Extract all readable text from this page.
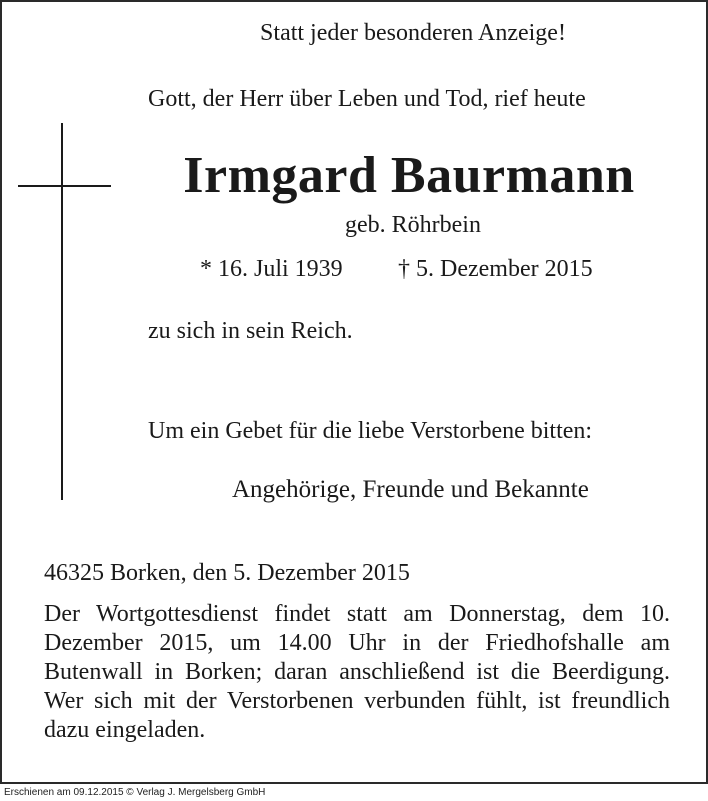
Statt jeder besonderen Anzeige!
Gott, der Herr über Leben und Tod, rief heute
Irmgard Baurmann
geb. Röhrbein
* 16. Juli 1939 † 5. Dezember 2015
zu sich in sein Reich.
Um ein Gebet für die liebe Verstorbene bitten:
Angehörige, Freunde und Bekannte
46325 Borken, den 5. Dezember 2015
Der Wortgottesdienst findet statt am Donnerstag, dem 10. Dezember 2015, um 14.00 Uhr in der Friedhofshalle am Butenwall in Borken; daran anschließend ist die Beerdigung. Wer sich mit der Verstorbenen verbunden fühlt, ist freundlich dazu eingeladen.
Erschienen am 09.12.2015 © Verlag J. Mergelsberg GmbH
